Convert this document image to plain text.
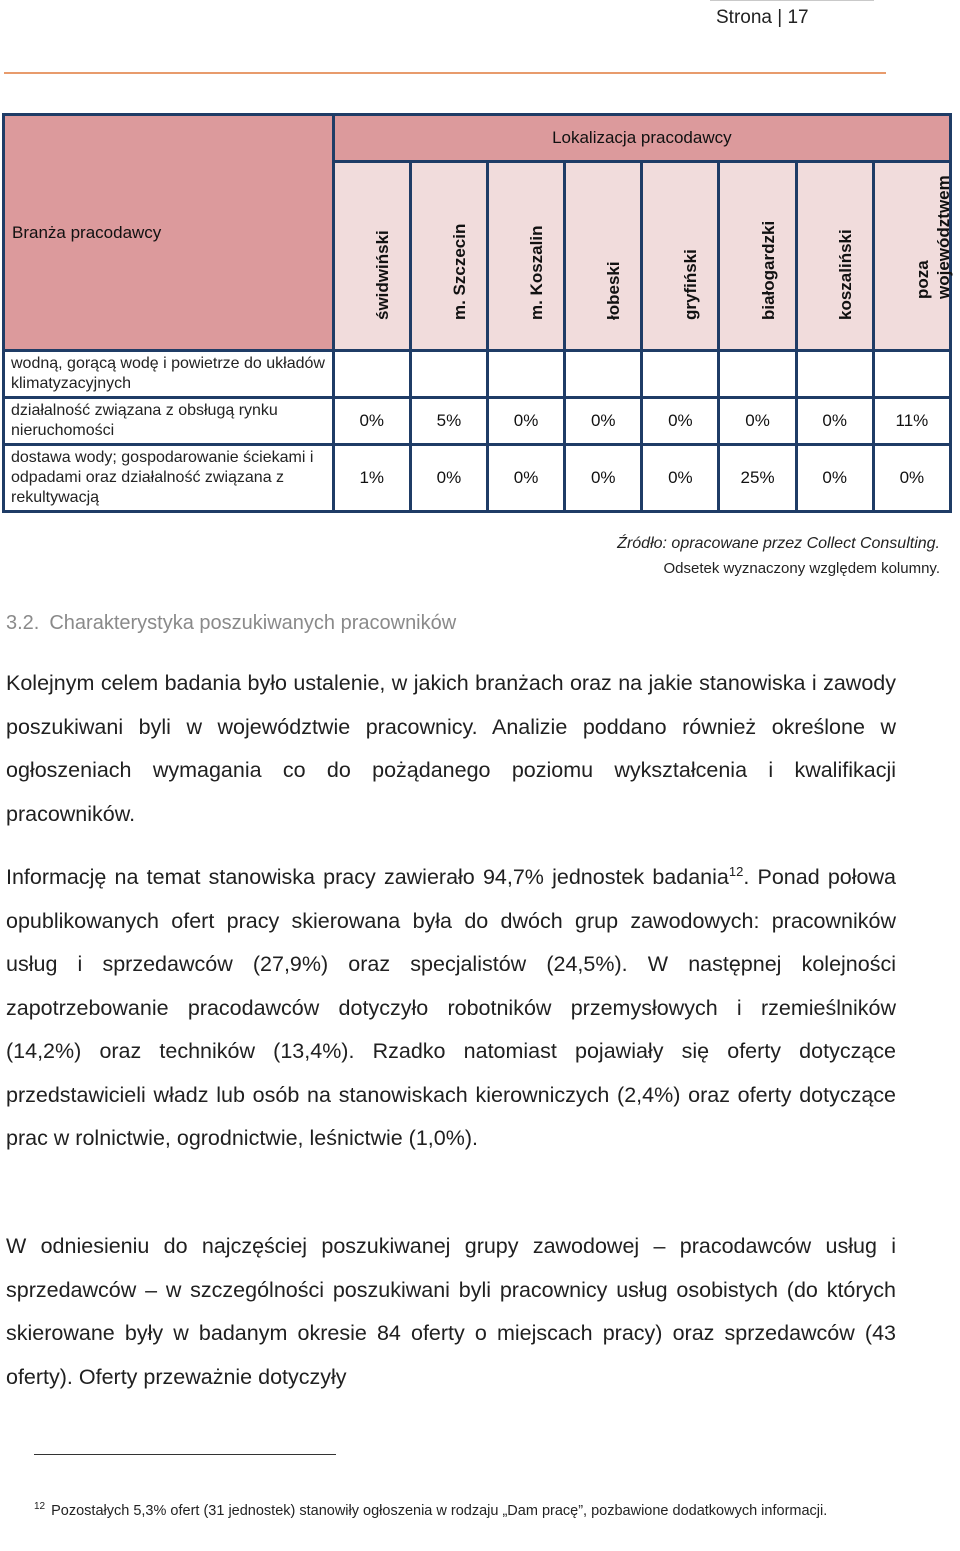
Strona | 17
Branża pracodawcy	Lokalizacja pracodawcy							

	świdwiński	m. Szczecin	m. Koszalin	łobeski	gryfiński	białogardzki	koszaliński	poza województwem

wodną, gorącą wodę i powietrze do układów klimatyzacyjnych								
działalność związana z obsługą rynku nieruchomości	0%	5%	0%	0%	0%	0%	0%	11%
dostawa wody; gospodarowanie ściekami i odpadami oraz działalność związana z rekultywacją	1%	0%	0%	0%	0%	25%	0%	0%
Źródło: opracowane przez Collect Consulting.
Odsetek wyznaczony względem kolumny.
3.2. Charakterystyka poszukiwanych pracowników
Kolejnym celem badania było ustalenie, w jakich branżach oraz na jakie stanowiska i zawody poszukiwani byli w województwie pracownicy. Analizie poddano również określone w ogłoszeniach wymagania co do pożądanego poziomu wykształcenia i kwalifikacji pracowników.
Informację na temat stanowiska pracy zawierało 94,7% jednostek badania$^{12}$. Ponad połowa opublikowanych ofert pracy skierowana była do dwóch grup zawodowych: pracowników usług i sprzedawców (27,9%) oraz specjalistów (24,5%). W następnej kolejności zapotrzebowanie pracodawców dotyczyło robotników przemysłowych i rzemieślników (14,2%) oraz techników (13,4%). Rzadko natomiast pojawiały się oferty dotyczące przedstawicieli władz lub osób na stanowiskach kierowniczych (2,4%) oraz oferty dotyczące prac w rolnictwie, ogrodnictwie, leśnictwie (1,0%).
W odniesieniu do najczęściej poszukiwanej grupy zawodowej – pracodawców usług i sprzedawców – w szczególności poszukiwani byli pracownicy usług osobistych (do których skierowane były w badanym okresie 84 oferty o miejscach pracy) oraz sprzedawców (43 oferty). Oferty przeważnie dotyczyły
$^{12}$ Pozostałych 5,3% ofert (31 jednostek) stanowiły ogłoszenia w rodzaju „Dam pracę”, pozbawione dodatkowych informacji.
